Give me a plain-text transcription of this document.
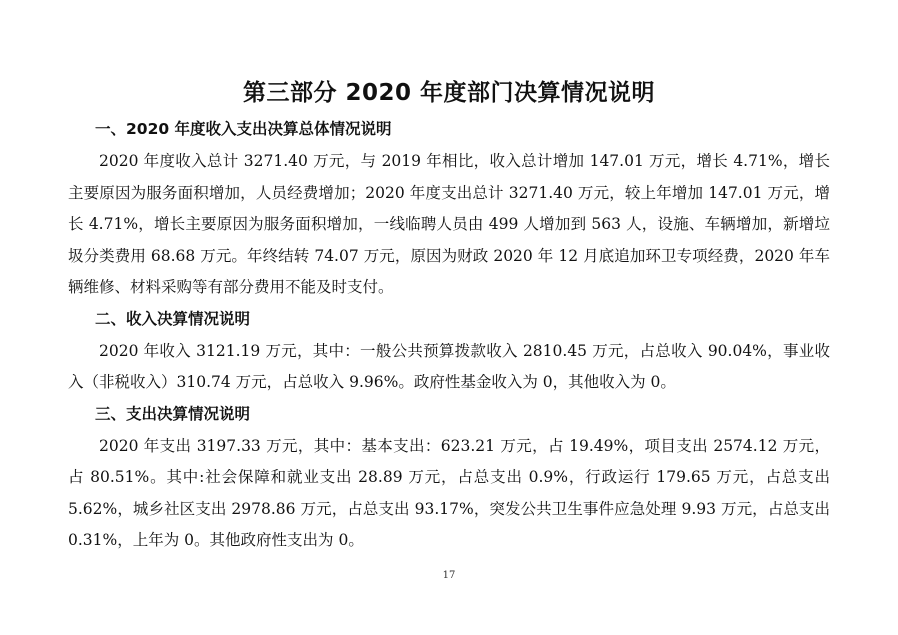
第三部分 2020 年度部门决算情况说明
一、2020 年度收入支出决算总体情况说明

2020 年度收入总计 3271.40 万元，与 2019 年相比，收入总计增加 147.01 万元，增长 4.71%，增长主要原因为服务面积增加，人员经费增加；2020 年度支出总计 3271.40 万元，较上年增加 147.01 万元，增长 4.71%，增长主要原因为服务面积增加，一线临聘人员由 499 人增加到 563 人，设施、车辆增加，新增垃圾分类费用 68.68 万元。年终结转 74.07 万元，原因为财政 2020 年 12 月底追加环卫专项经费，2020 年车辆维修、材料采购等有部分费用不能及时支付。

二、收入决算情况说明

2020 年收入 3121.19 万元，其中：一般公共预算拨款收入 2810.45 万元，占总收入 90.04%，事业收入（非税收入）310.74 万元，占总收入 9.96%。政府性基金收入为 0，其他收入为 0。

三、支出决算情况说明

2020 年支出 3197.33 万元，其中：基本支出：623.21 万元，占 19.49%，项目支出 2574.12 万元，占 80.51%。其中:社会保障和就业支出 28.89 万元，占总支出 0.9%，行政运行 179.65 万元，占总支出 5.62%，城乡社区支出 2978.86 万元，占总支出 93.17%，突发公共卫生事件应急处理 9.93 万元，占总支出 0.31%，上年为 0。其他政府性支出为 0。

17
